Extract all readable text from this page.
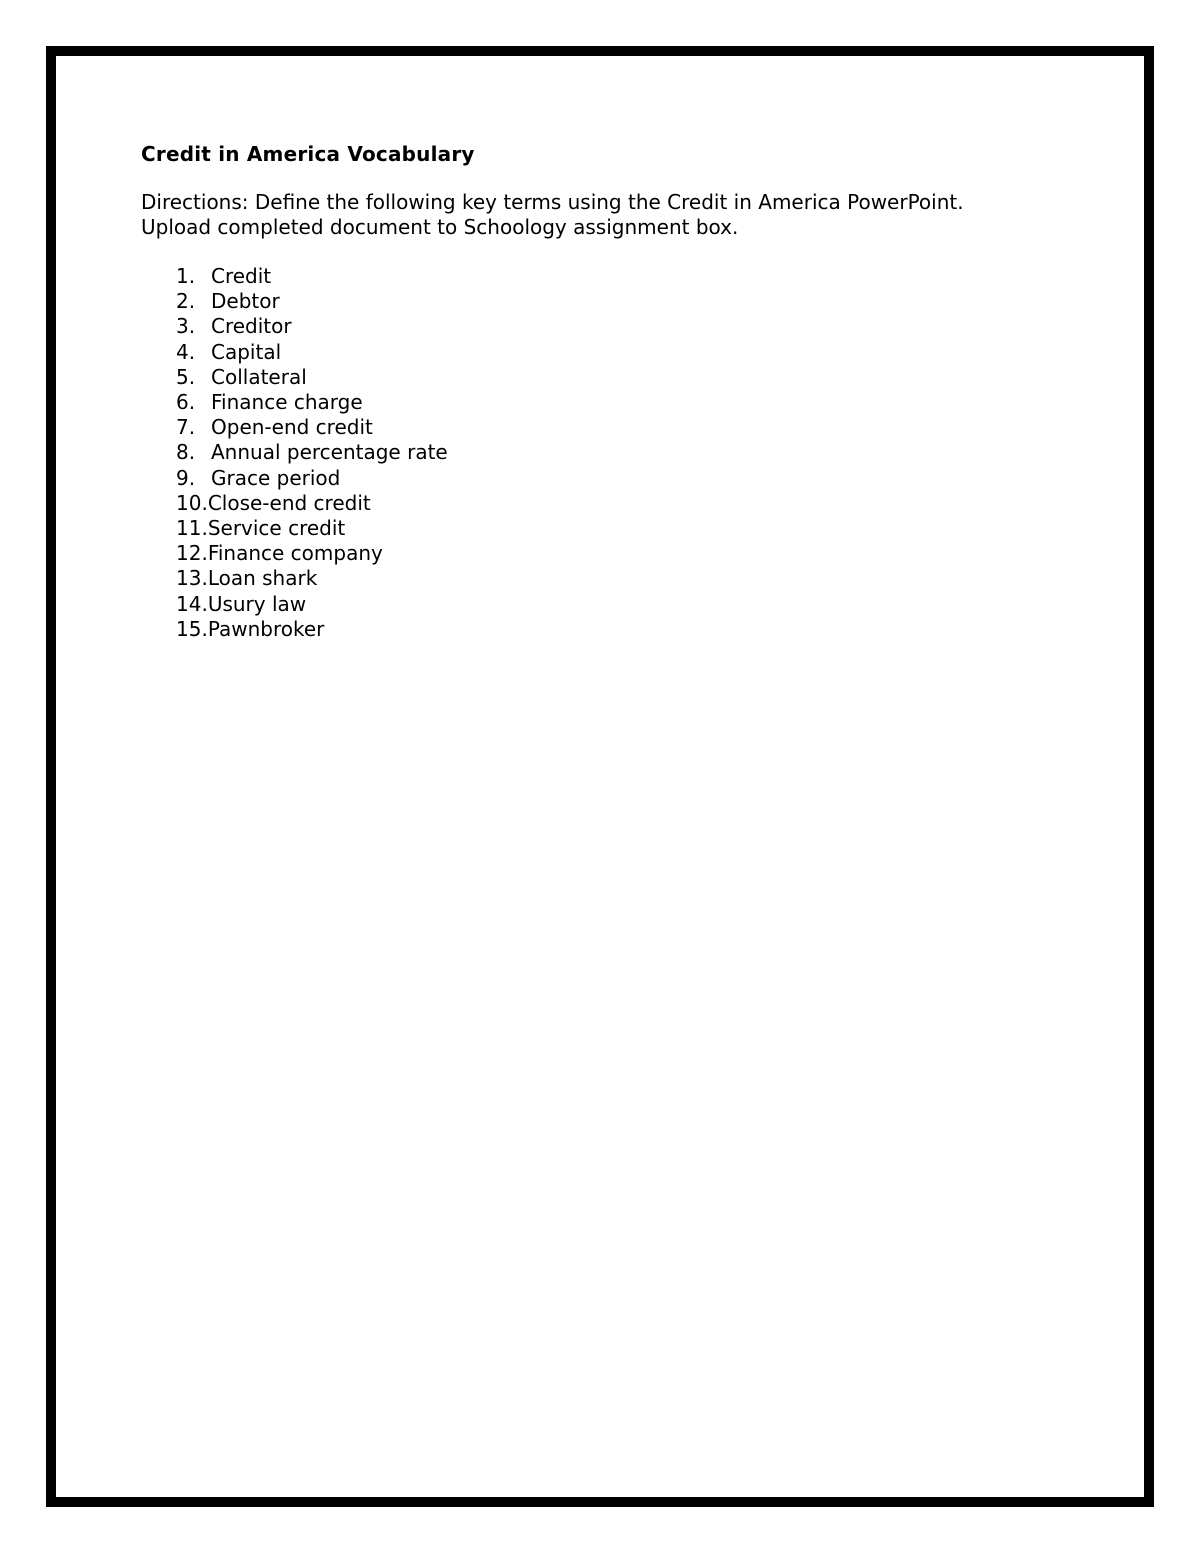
Credit in America Vocabulary
Directions: Define the following key terms using the Credit in America PowerPoint.
Upload completed document to Schoology assignment box.
1. Credit
2. Debtor
3. Creditor
4. Capital
5. Collateral
6. Finance charge
7. Open-end credit
8. Annual percentage rate
9. Grace period
10. Close-end credit
11. Service credit
12. Finance company
13. Loan shark
14. Usury law
15. Pawnbroker
